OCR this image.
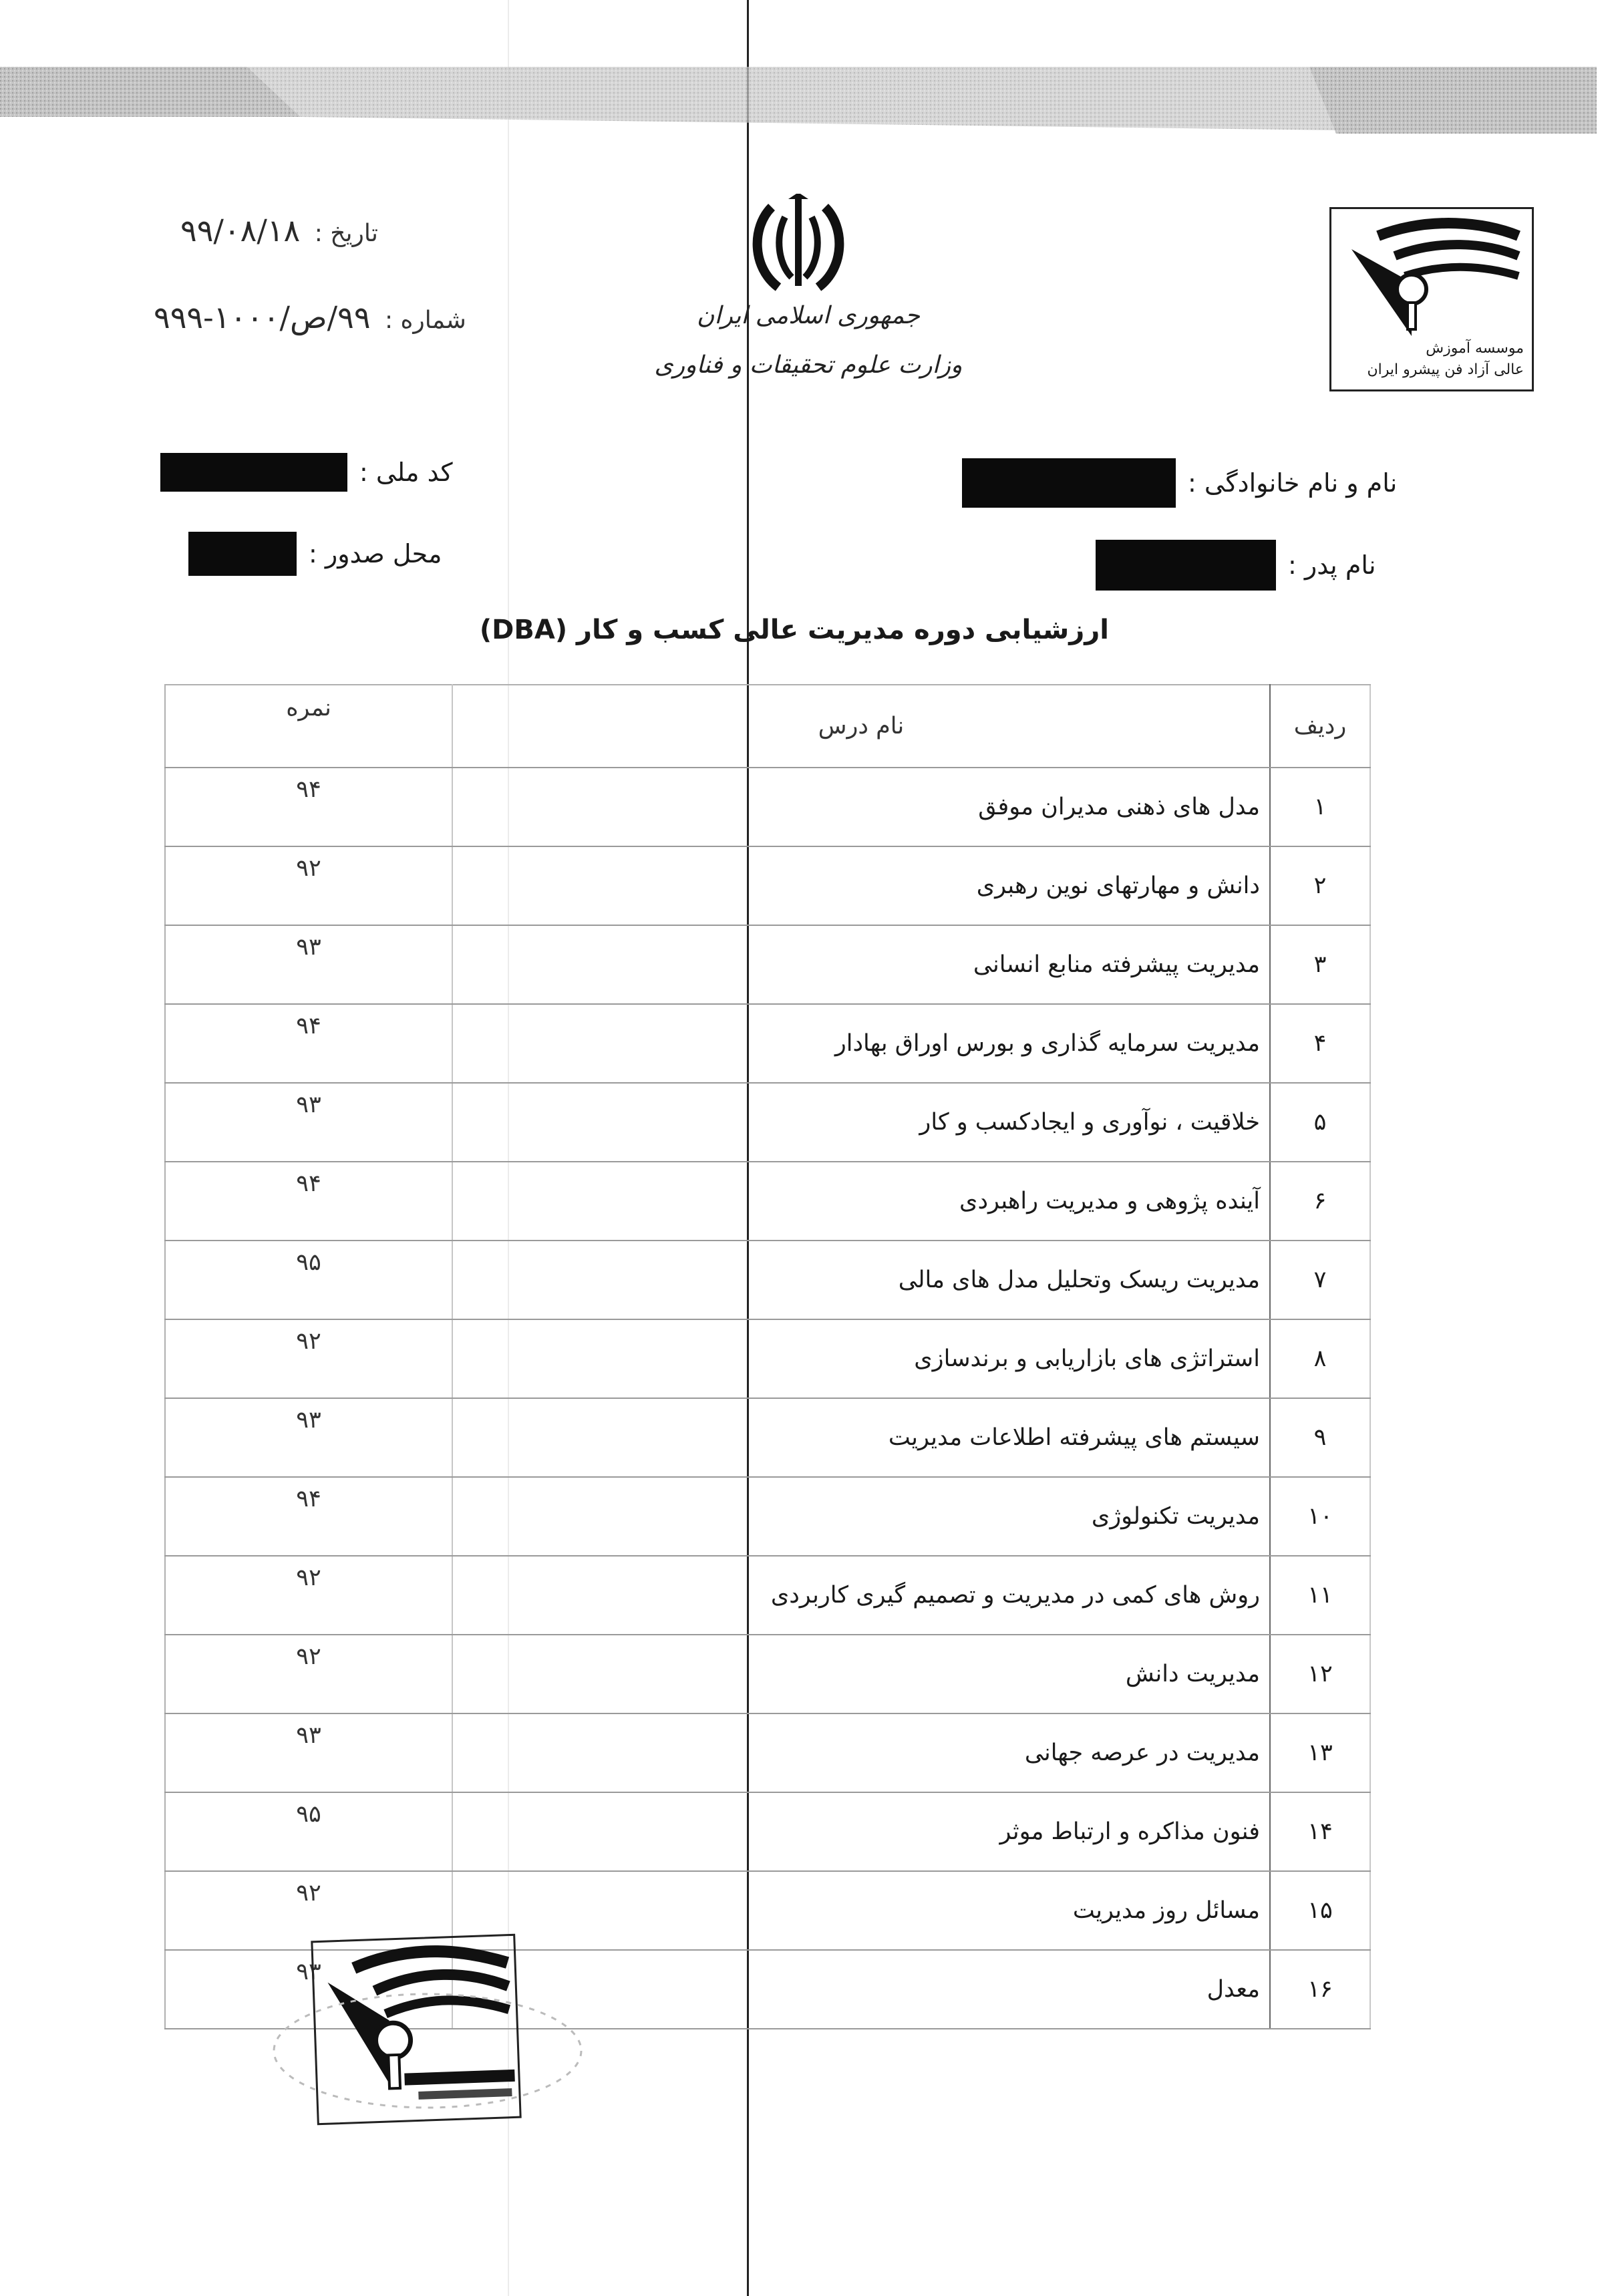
تاریخ : ۹۹/۰۸/۱۸
شماره : ۹۹/ص/۱۰۰۰-۹۹۹	جمهوری اسلامی ایران
وزارت علوم تحقیقات و فناوری
موسسه آموزش
عالی آزاد فن پیشرو ایران
کد ملی :
محل صدور :
نام و نام خانوادگی :
نام پدر :
ارزشیابی دوره مدیریت عالی کسب و کار (DBA)
ردیف	نام درس	نمره
۱	مدل های ذهنی مدیران موفق	۹۴
۲	دانش و مهارتهای نوین رهبری	۹۲
۳	مدیریت پیشرفته منابع انسانی	۹۳
۴	مدیریت سرمایه گذاری و بورس اوراق بهادار	۹۴
۵	خلاقیت ، نوآوری و ایجادکسب و کار	۹۳
۶	آینده پژوهی و مدیریت راهبردی	۹۴
۷	مدیریت ریسک وتحلیل مدل های مالی	۹۵
۸	استراتژی های بازاریابی و برندسازی	۹۲
۹	سیستم های پیشرفته اطلاعات مدیریت	۹۳
۱۰	مدیریت تکنولوژی	۹۴
۱۱	روش های کمی در مدیریت و تصمیم گیری کاربردی	۹۲
۱۲	مدیریت دانش	۹۲
۱۳	مدیریت در عرصه جهانی	۹۳
۱۴	فنون مذاکره و ارتباط موثر	۹۵
۱۵	مسائل روز مدیریت	۹۲
۱۶	معدل	۹۳
